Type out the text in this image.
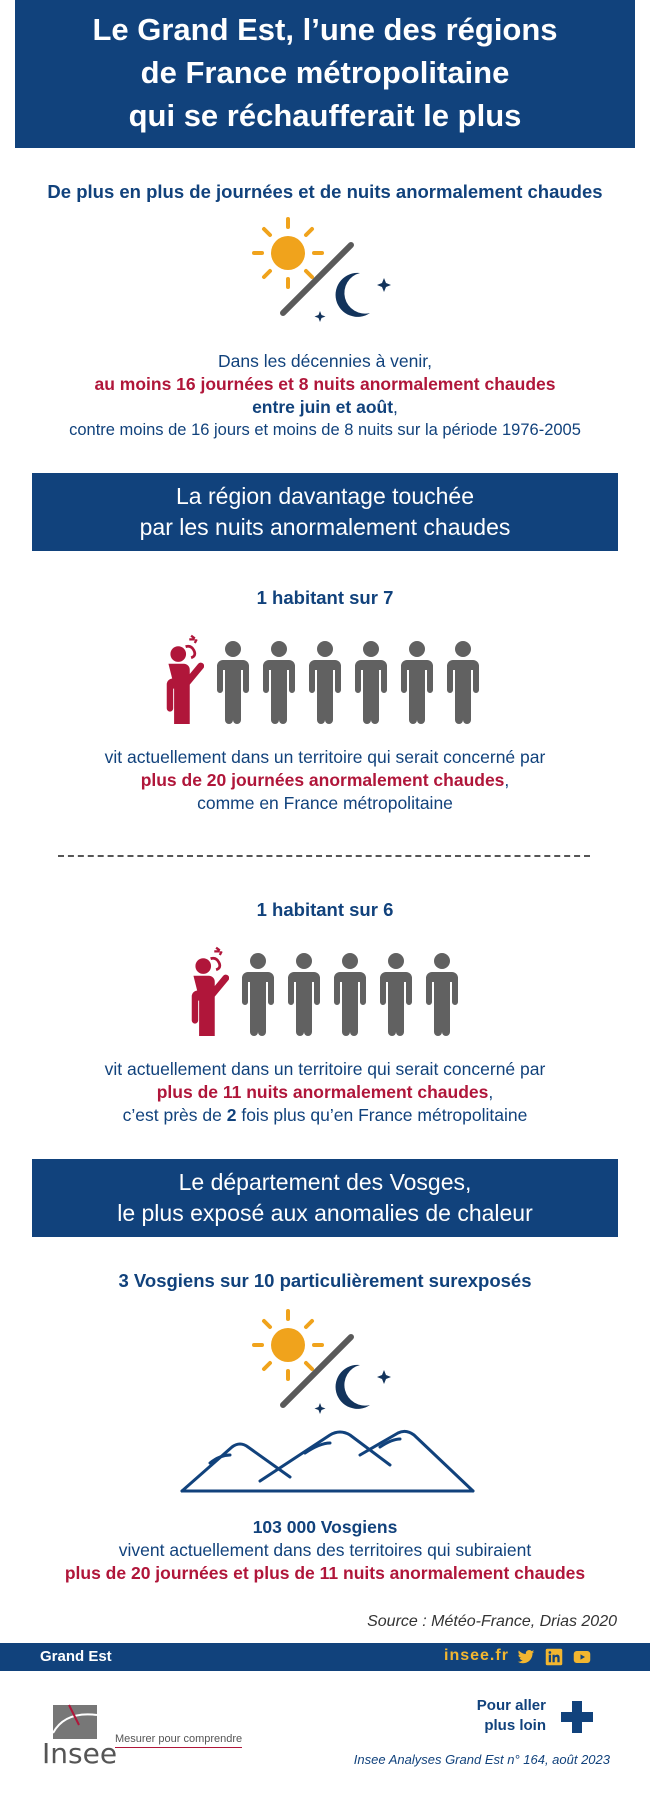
Le Grand Est, l’une des régions
de France métropolitaine
qui se réchaufferait le plus
De plus en plus de journées et de nuits anormalement chaudes
Dans les décennies à venir,
au moins 16 journées et 8 nuits anormalement chaudes
entre juin et août,
contre moins de 16 jours et moins de 8 nuits sur la période 1976-2005
La région davantage touchée
par les nuits anormalement chaudes
1 habitant sur 7
vit actuellement dans un territoire qui serait concerné par
plus de 20 journées anormalement chaudes,
comme en France métropolitaine
1 habitant sur 6
vit actuellement dans un territoire qui serait concerné par
plus de 11 nuits anormalement chaudes,
c’est près de 2 fois plus qu’en France métropolitaine
Le département des Vosges,
le plus exposé aux anomalies de chaleur
3 Vosgiens sur 10 particulièrement surexposés
103 000 Vosgiens
vivent actuellement dans des territoires qui subiraient
plus de 20 journées et plus de 11 nuits anormalement chaudes
Source : Météo-France, Drias 2020
Grand Est	insee.fr
Insee
Mesurer pour comprendre
Pour aller
plus loin
Insee Analyses Grand Est n° 164, août 2023
